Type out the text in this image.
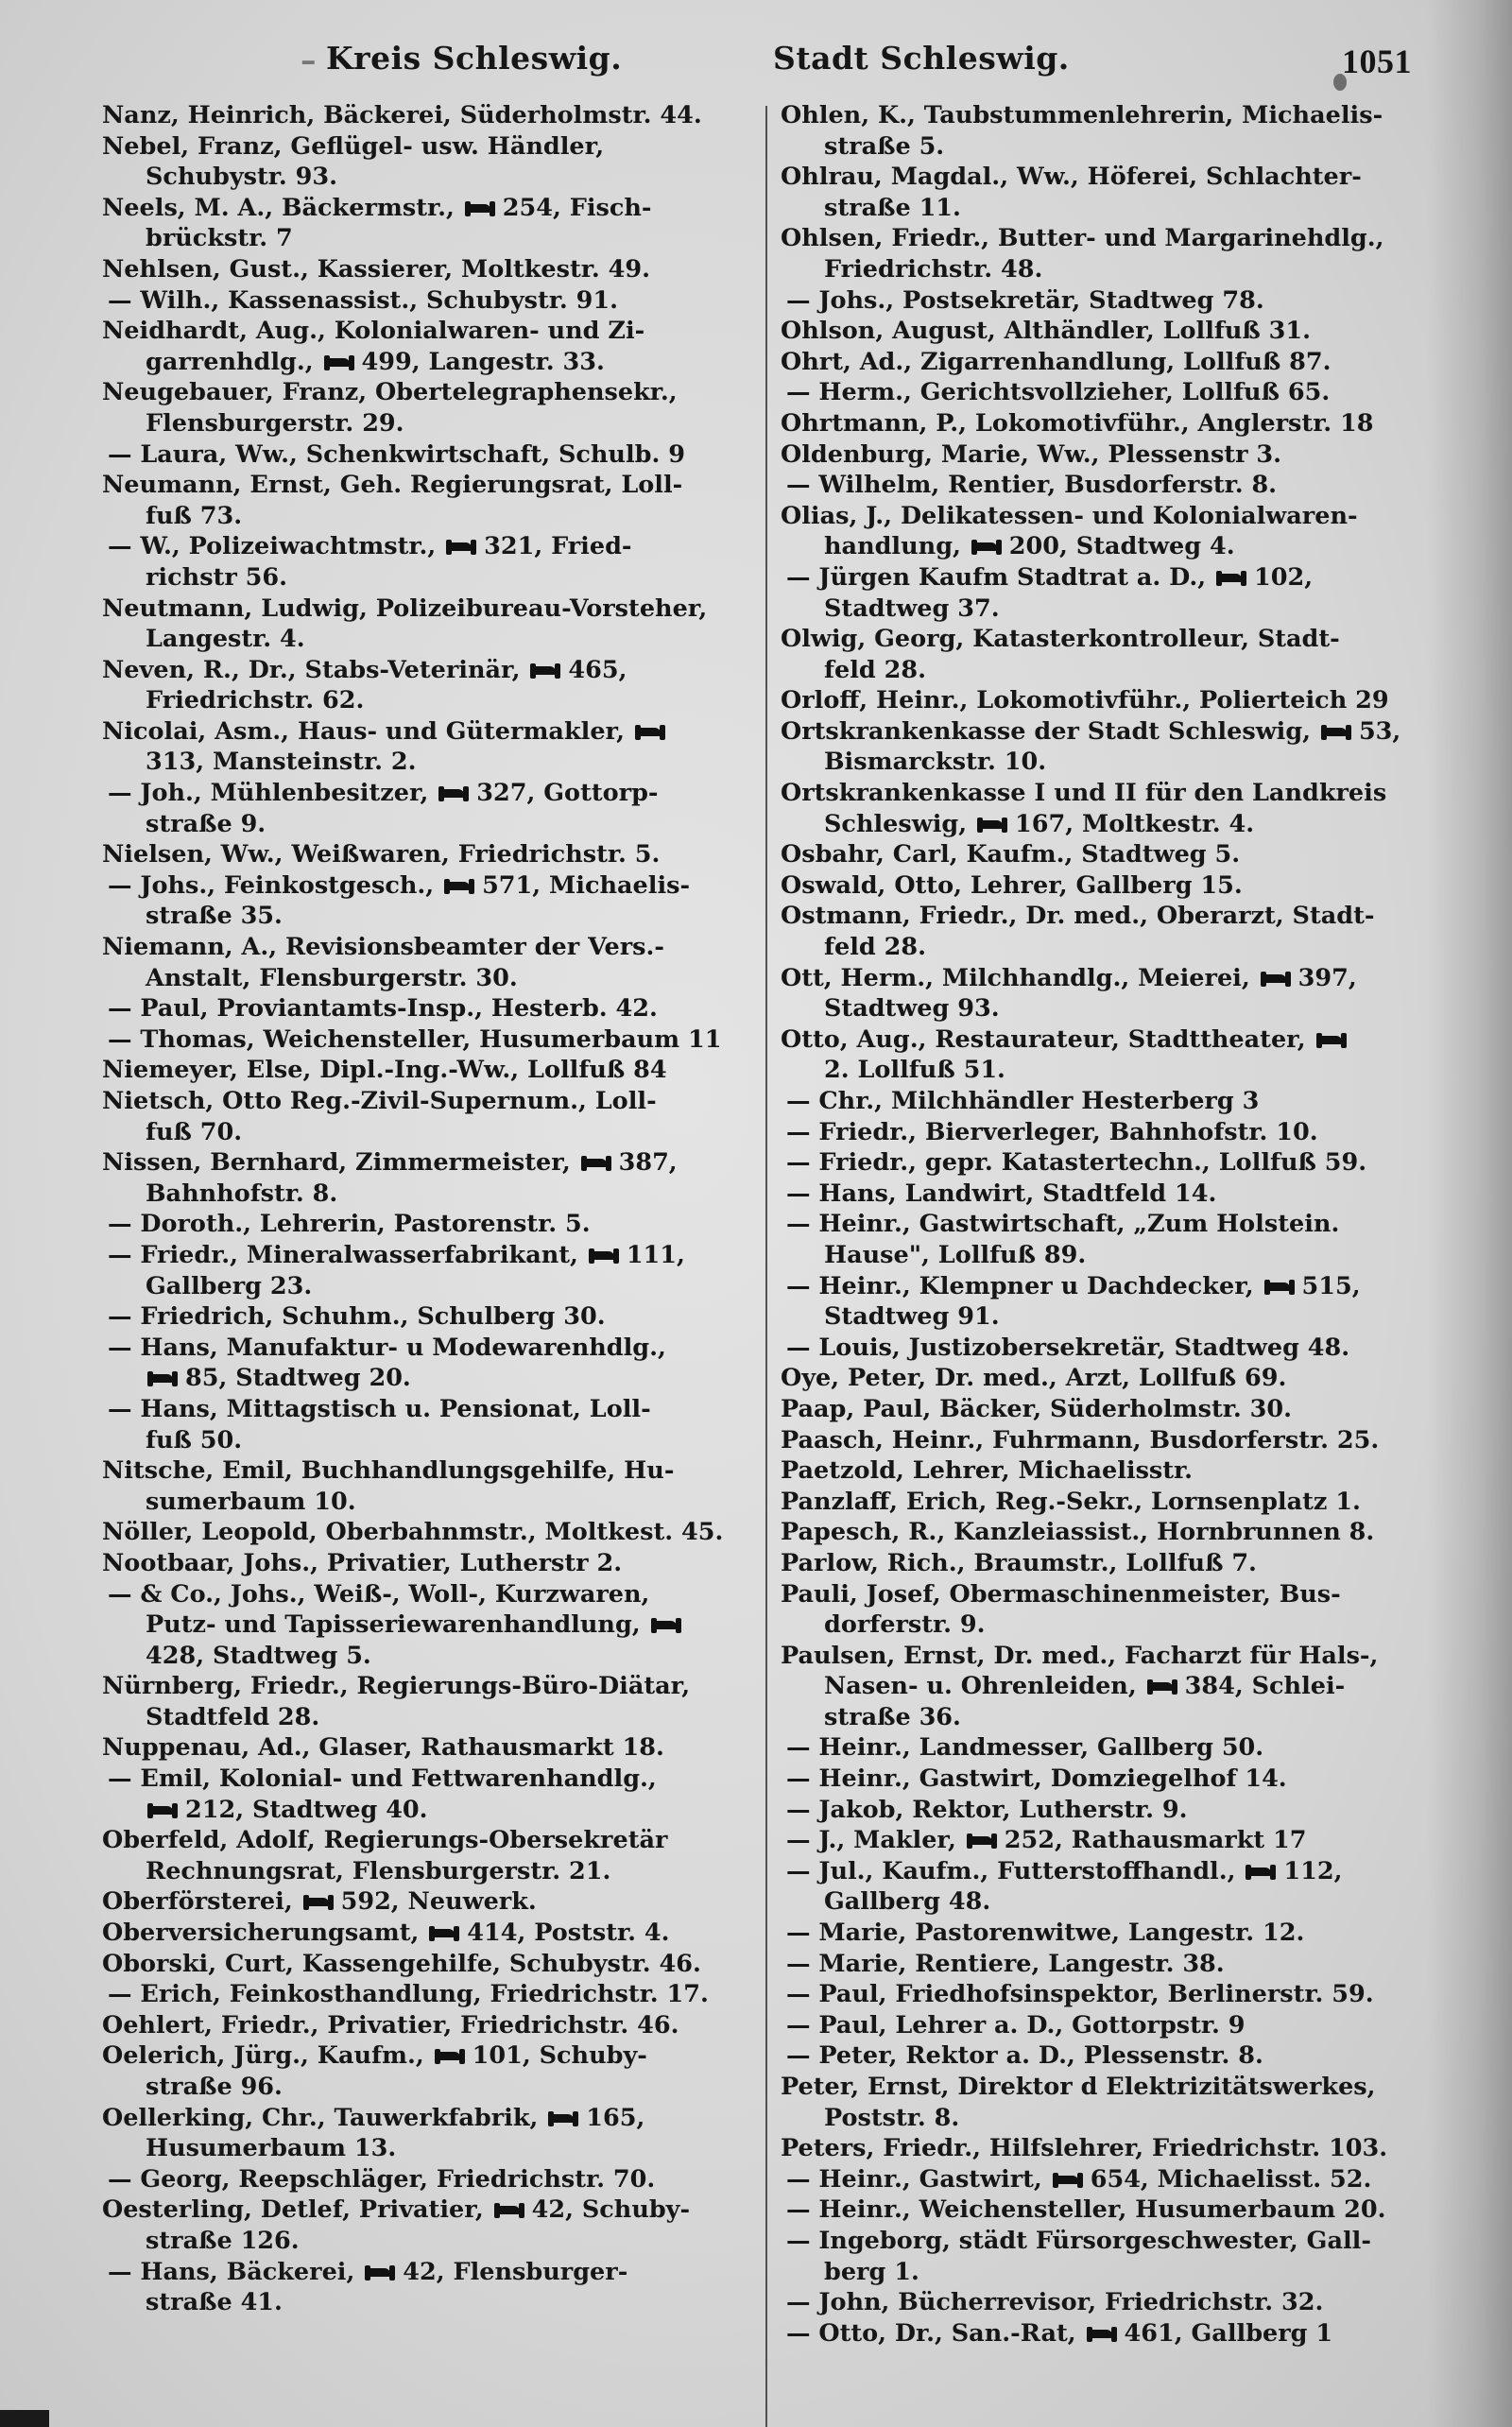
– Kreis Schleswig.	Stadt Schleswig.	1051
Nanz, Heinrich, Bäckerei, Süderholmstr. 44.
Nebel, Franz, Geflügel- usw. Händler,
Schubystr. 93.
Neels, M. A., Bäckermstr., 254, Fisch-
brückstr. 7
Nehlsen, Gust., Kassierer, Moltkestr. 49.
— Wilh., Kassenassist., Schubystr. 91.
Neidhardt, Aug., Kolonialwaren- und Zi-
garrenhdlg., 499, Langestr. 33.
Neugebauer, Franz, Obertelegraphensekr.,
Flensburgerstr. 29.
— Laura, Ww., Schenkwirtschaft, Schulb. 9
Neumann, Ernst, Geh. Regierungsrat, Loll-
fuß 73.
— W., Polizeiwachtmstr., 321, Fried-
richstr 56.
Neutmann, Ludwig, Polizeibureau-Vorsteher,
Langestr. 4.
Neven, R., Dr., Stabs-Veterinär, 465,
Friedrichstr. 62.
Nicolai, Asm., Haus- und Gütermakler,
313, Mansteinstr. 2.
— Joh., Mühlenbesitzer, 327, Gottorp-
straße 9.
Nielsen, Ww., Weißwaren, Friedrichstr. 5.
— Johs., Feinkostgesch., 571, Michaelis-
straße 35.
Niemann, A., Revisionsbeamter der Vers.-
Anstalt, Flensburgerstr. 30.
— Paul, Proviantamts-Insp., Hesterb. 42.
— Thomas, Weichensteller, Husumerbaum 11
Niemeyer, Else, Dipl.-Ing.-Ww., Lollfuß 84
Nietsch, Otto Reg.-Zivil-Supernum., Loll-
fuß 70.
Nissen, Bernhard, Zimmermeister, 387,
Bahnhofstr. 8.
— Doroth., Lehrerin, Pastorenstr. 5.
— Friedr., Mineralwasserfabrikant, 111,
Gallberg 23.
— Friedrich, Schuhm., Schulberg 30.
— Hans, Manufaktur- u Modewarenhdlg.,
85, Stadtweg 20.
— Hans, Mittagstisch u. Pensionat, Loll-
fuß 50.
Nitsche, Emil, Buchhandlungsgehilfe, Hu-
sumerbaum 10.
Nöller, Leopold, Oberbahnmstr., Moltkest. 45.
Nootbaar, Johs., Privatier, Lutherstr 2.
— & Co., Johs., Weiß-, Woll-, Kurzwaren,
Putz- und Tapisseriewarenhandlung,
428, Stadtweg 5.
Nürnberg, Friedr., Regierungs-Büro-Diätar,
Stadtfeld 28.
Nuppenau, Ad., Glaser, Rathausmarkt 18.
— Emil, Kolonial- und Fettwarenhandlg.,
212, Stadtweg 40.
Oberfeld, Adolf, Regierungs-Obersekretär
Rechnungsrat, Flensburgerstr. 21.
Oberförsterei, 592, Neuwerk.
Oberversicherungsamt, 414, Poststr. 4.
Oborski, Curt, Kassengehilfe, Schubystr. 46.
— Erich, Feinkosthandlung, Friedrichstr. 17.
Oehlert, Friedr., Privatier, Friedrichstr. 46.
Oelerich, Jürg., Kaufm., 101, Schuby-
straße 96.
Oellerking, Chr., Tauwerkfabrik, 165,
Husumerbaum 13.
— Georg, Reepschläger, Friedrichstr. 70.
Oesterling, Detlef, Privatier, 42, Schuby-
straße 126.
— Hans, Bäckerei, 42, Flensburger-
straße 41.
Ohlen, K., Taubstummenlehrerin, Michaelis-
straße 5.
Ohlrau, Magdal., Ww., Höferei, Schlachter-
straße 11.
Ohlsen, Friedr., Butter- und Margarinehdlg.,
Friedrichstr. 48.
— Johs., Postsekretär, Stadtweg 78.
Ohlson, August, Althändler, Lollfuß 31.
Ohrt, Ad., Zigarrenhandlung, Lollfuß 87.
— Herm., Gerichtsvollzieher, Lollfuß 65.
Ohrtmann, P., Lokomotivführ., Anglerstr. 18
Oldenburg, Marie, Ww., Plessenstr 3.
— Wilhelm, Rentier, Busdorferstr. 8.
Olias, J., Delikatessen- und Kolonialwaren-
handlung, 200, Stadtweg 4.
— Jürgen Kaufm Stadtrat a. D., 102,
Stadtweg 37.
Olwig, Georg, Katasterkontrolleur, Stadt-
feld 28.
Orloff, Heinr., Lokomotivführ., Polierteich 29
Ortskrankenkasse der Stadt Schleswig, 53,
Bismarckstr. 10.
Ortskrankenkasse I und II für den Landkreis
Schleswig, 167, Moltkestr. 4.
Osbahr, Carl, Kaufm., Stadtweg 5.
Oswald, Otto, Lehrer, Gallberg 15.
Ostmann, Friedr., Dr. med., Oberarzt, Stadt-
feld 28.
Ott, Herm., Milchhandlg., Meierei, 397,
Stadtweg 93.
Otto, Aug., Restaurateur, Stadttheater,
2. Lollfuß 51.
— Chr., Milchhändler Hesterberg 3
— Friedr., Bierverleger, Bahnhofstr. 10.
— Friedr., gepr. Katastertechn., Lollfuß 59.
— Hans, Landwirt, Stadtfeld 14.
— Heinr., Gastwirtschaft, „Zum Holstein.
Hause", Lollfuß 89.
— Heinr., Klempner u Dachdecker, 515,
Stadtweg 91.
— Louis, Justizobersekretär, Stadtweg 48.
Oye, Peter, Dr. med., Arzt, Lollfuß 69.
Paap, Paul, Bäcker, Süderholmstr. 30.
Paasch, Heinr., Fuhrmann, Busdorferstr. 25.
Paetzold, Lehrer, Michaelisstr.
Panzlaff, Erich, Reg.-Sekr., Lornsenplatz 1.
Papesch, R., Kanzleiassist., Hornbrunnen 8.
Parlow, Rich., Braumstr., Lollfuß 7.
Pauli, Josef, Obermaschinenmeister, Bus-
dorferstr. 9.
Paulsen, Ernst, Dr. med., Facharzt für Hals-,
Nasen- u. Ohrenleiden, 384, Schlei-
straße 36.
— Heinr., Landmesser, Gallberg 50.
— Heinr., Gastwirt, Domziegelhof 14.
— Jakob, Rektor, Lutherstr. 9.
— J., Makler, 252, Rathausmarkt 17
— Jul., Kaufm., Futterstoffhandl., 112,
Gallberg 48.
— Marie, Pastorenwitwe, Langestr. 12.
— Marie, Rentiere, Langestr. 38.
— Paul, Friedhofsinspektor, Berlinerstr. 59.
— Paul, Lehrer a. D., Gottorpstr. 9
— Peter, Rektor a. D., Plessenstr. 8.
Peter, Ernst, Direktor d Elektrizitätswerkes,
Poststr. 8.
Peters, Friedr., Hilfslehrer, Friedrichstr. 103.
— Heinr., Gastwirt, 654, Michaelisst. 52.
— Heinr., Weichensteller, Husumerbaum 20.
— Ingeborg, städt Fürsorgeschwester, Gall-
berg 1.
— John, Bücherrevisor, Friedrichstr. 32.
— Otto, Dr., San.-Rat, 461, Gallberg 1
